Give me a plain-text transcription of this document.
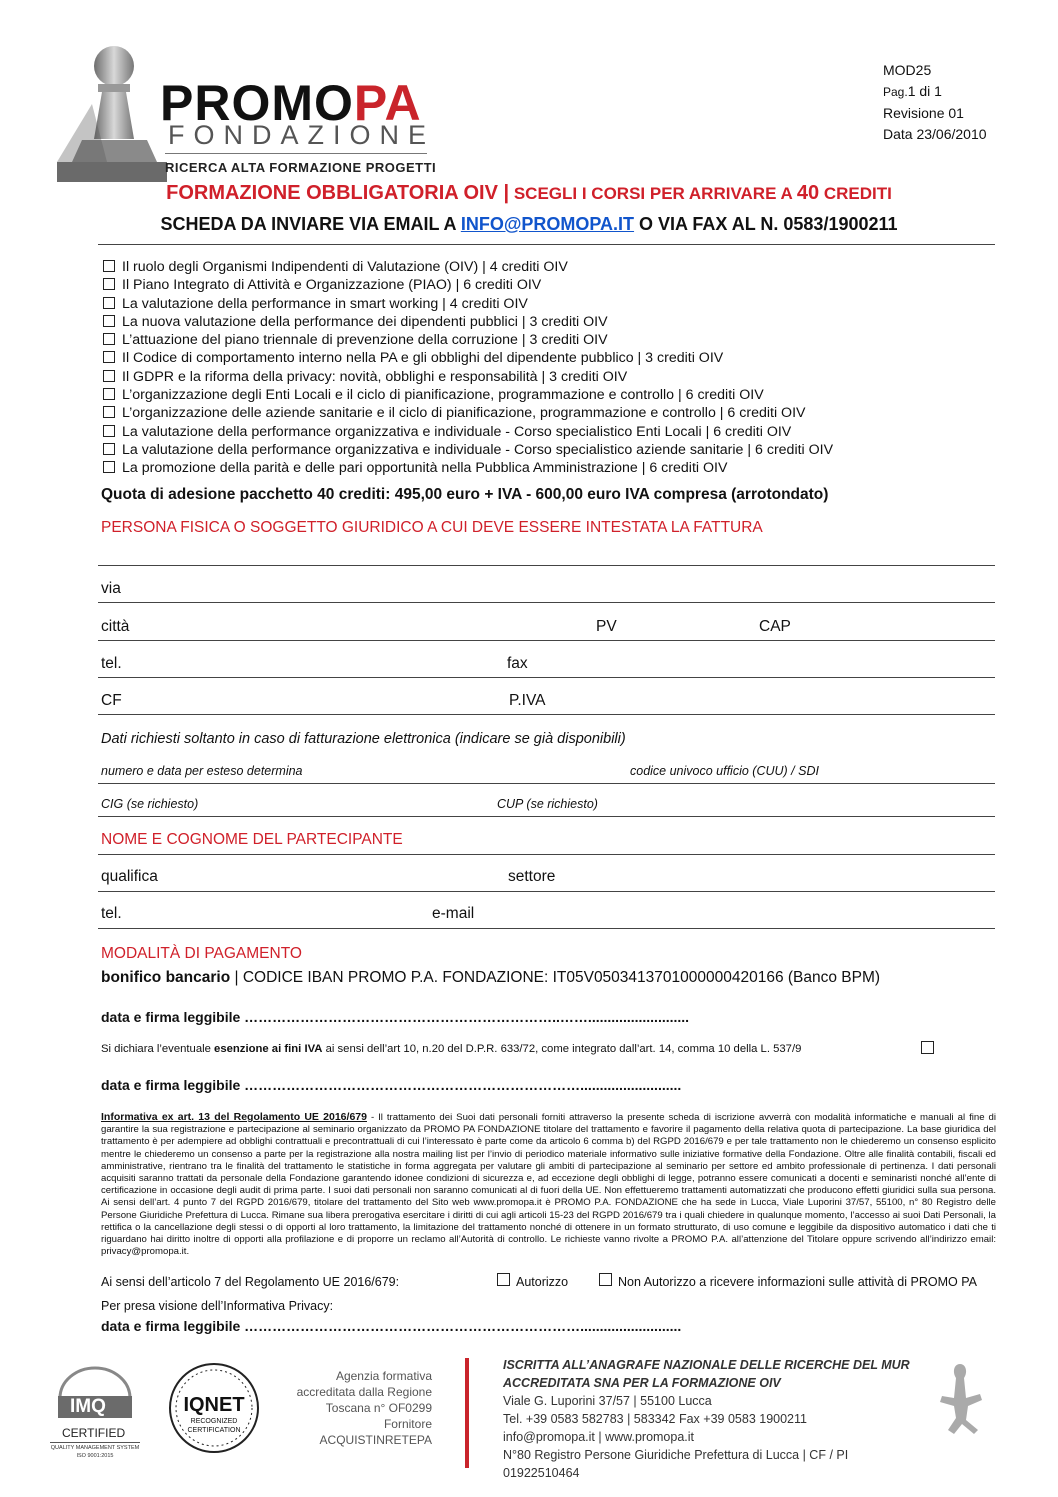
PROMOPA
FONDAZIONE
RICERCA ALTA FORMAZIONE PROGETTI
MOD25
Pag.1 di 1
Revisione 01
Data 23/06/2010
FORMAZIONE OBBLIGATORIA OIV | SCEGLI I CORSI PER ARRIVARE A 40 CREDITI
SCHEDA DA INVIARE VIA EMAIL A INFO@PROMOPA.IT O VIA FAX AL N. 0583/1900211
Il ruolo degli Organismi Indipendenti di Valutazione (OIV) | 4 crediti OIV
Il Piano Integrato di Attività e Organizzazione (PIAO) | 6 crediti OIV
La valutazione della performance in smart working | 4 crediti OIV
La nuova valutazione della performance dei dipendenti pubblici | 3 crediti OIV
L’attuazione del piano triennale di prevenzione della corruzione | 3 crediti OIV
Il Codice di comportamento interno nella PA e gli obblighi del dipendente pubblico | 3 crediti OIV
Il GDPR e la riforma della privacy: novità, obblighi e responsabilità | 3 crediti OIV
L’organizzazione degli Enti Locali e il ciclo di pianificazione, programmazione e controllo | 6 crediti OIV
L’organizzazione delle aziende sanitarie e il ciclo di pianificazione, programmazione e controllo | 6 crediti OIV
La valutazione della performance organizzativa e individuale - Corso specialistico Enti Locali | 6 crediti OIV
La valutazione della performance organizzativa e individuale - Corso specialistico aziende sanitarie | 6 crediti OIV
La promozione della parità e delle pari opportunità nella Pubblica Amministrazione | 6 crediti OIV
Quota di adesione pacchetto 40 crediti: 495,00 euro + IVA - 600,00 euro IVA compresa (arrotondato)
PERSONA FISICA O SOGGETTO GIURIDICO A CUI DEVE ESSERE INTESTATA LA FATTURA
via
città	PV	CAP
tel.	fax
CF	P.IVA
Dati richiesti soltanto in caso di fatturazione elettronica (indicare se già disponibili)
numero e data per esteso determina	codice univoco ufficio (CUU) / SDI
CIG (se richiesto)	CUP (se richiesto)
NOME E COGNOME DEL PARTECIPANTE
qualifica	settore
tel.	e-mail
MODALITÀ DI PAGAMENTO
bonifico bancario | CODICE IBAN PROMO P.A. FONDAZIONE: IT05V0503413701000000420166 (Banco BPM)
data e firma leggibile …………………………………………………………..……..........................
Si dichiara l’eventuale esenzione ai fini IVA ai sensi dell’art 10, n.20 del D.P.R. 633/72, come integrato dall’art. 14, comma 10 della L. 537/9
data e firma leggibile ………………………………………………………………..........................
Informativa ex art. 13 del Regolamento UE 2016/679 - Il trattamento dei Suoi dati personali forniti attraverso la presente scheda di iscrizione avverrà con modalità informatiche e manuali al fine di garantire la sua registrazione e partecipazione al seminario organizzato da PROMO PA FONDAZIONE titolare del trattamento e favorire il pagamento della relativa quota di partecipazione. La base giuridica del trattamento è per adempiere ad obblighi contrattuali e precontrattuali di cui l’interessato è parte come da articolo 6 comma b) del RGPD 2016/679 e per tale trattamento non le chiederemo un consenso esplicito mentre le chiederemo un consenso a parte per la registrazione alla nostra mailing list per l’invio di periodico materiale informativo sulle iniziative formative della Fondazione. Oltre alle finalità contabili, fiscali ed amministrative, rientrano tra le finalità del trattamento le statistiche in forma aggregata per valutare gli ambiti di partecipazione al seminario per settore ed ambito professionale di pertinenza. I dati personali acquisiti saranno trattati da personale della Fondazione garantendo idonee condizioni di sicurezza e, ad eccezione degli obblighi di legge, potranno essere comunicati a docenti e seminaristi nonché all’ente di certificazione in occasione degli audit di prima parte. I suoi dati personali non saranno comunicati al di fuori della UE. Non effettueremo trattamenti automatizzati che producono effetti giuridici sulla sua persona. Ai sensi dell’art. 4 punto 7 del RGPD 2016/679, titolare del trattamento del Sito web www.promopa.it è PROMO P.A. FONDAZIONE che ha sede in Lucca, Viale Luporini 37/57, 55100, n° 80 Registro delle Persone Giuridiche Prefettura di Lucca. Rimane sua libera prerogativa esercitare i diritti di cui agli articoli 15-23 del RGPD 2016/679 tra i quali chiedere in qualunque momento, l’accesso ai suoi Dati Personali, la rettifica o la cancellazione degli stessi o di opporti al loro trattamento, la limitazione del trattamento nonché di ottenere in un formato strutturato, di uso comune e leggibile da dispositivo automatico i dati che ti riguardano hai diritto inoltre di opporti alla profilazione e di proporre un reclamo all’Autorità di controllo. Le richieste vanno rivolte a PROMO P.A. all’attenzione del Titolare oppure scrivendo all’indirizzo email: privacy@promopa.it.
Ai sensi dell’articolo 7 del Regolamento UE 2016/679:	Autorizzo	Non Autorizzo a ricevere informazioni sulle attività di PROMO PA
Per presa visione dell’Informativa Privacy:
data e firma leggibile ………………………………………………………………..........................
IMQ
CERTIFIED
QUALITY MANAGEMENT SYSTEM
ISO 9001:2015
IQNET
RECOGNIZED
CERTIFICATION
Agenzia formativa
accreditata dalla Regione
Toscana n° OF0299
Fornitore
ACQUISTINRETEPA
ISCRITTA ALL’ANAGRAFE NAZIONALE DELLE RICERCHE DEL MUR
ACCREDITATA SNA PER LA FORMAZIONE OIV
Viale G. Luporini 37/57 | 55100 Lucca
Tel. +39 0583 582783 | 583342 Fax +39 0583 1900211
info@promopa.it | www.promopa.it
N°80 Registro Persone Giuridiche Prefettura di Lucca | CF / PI 01922510464
